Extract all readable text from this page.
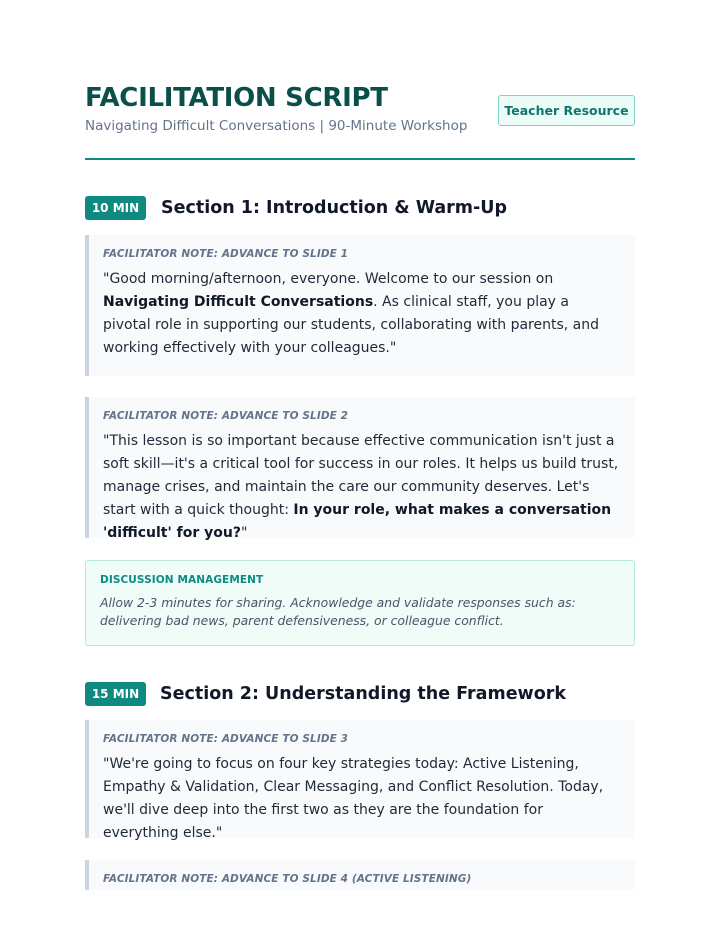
FACILITATION SCRIPT
Navigating Difficult Conversations | 90-Minute Workshop
Teacher Resource
10 MIN	Section 1: Introduction & Warm-Up
FACILITATOR NOTE: ADVANCE TO SLIDE 1
"Good morning/afternoon, everyone. Welcome to our session on Navigating Difficult Conversations. As clinical staff, you play a pivotal role in supporting our students, collaborating with parents, and working effectively with your colleagues."
FACILITATOR NOTE: ADVANCE TO SLIDE 2
"This lesson is so important because effective communication isn't just a soft skill—it's a critical tool for success in our roles. It helps us build trust, manage crises, and maintain the care our community deserves. Let's start with a quick thought: In your role, what makes a conversation 'difficult' for you?"
DISCUSSION MANAGEMENT
Allow 2-3 minutes for sharing. Acknowledge and validate responses such as: delivering bad news, parent defensiveness, or colleague conflict.
15 MIN	Section 2: Understanding the Framework
FACILITATOR NOTE: ADVANCE TO SLIDE 3
"We're going to focus on four key strategies today: Active Listening, Empathy & Validation, Clear Messaging, and Conflict Resolution. Today, we'll dive deep into the first two as they are the foundation for everything else."
FACILITATOR NOTE: ADVANCE TO SLIDE 4 (ACTIVE LISTENING)
